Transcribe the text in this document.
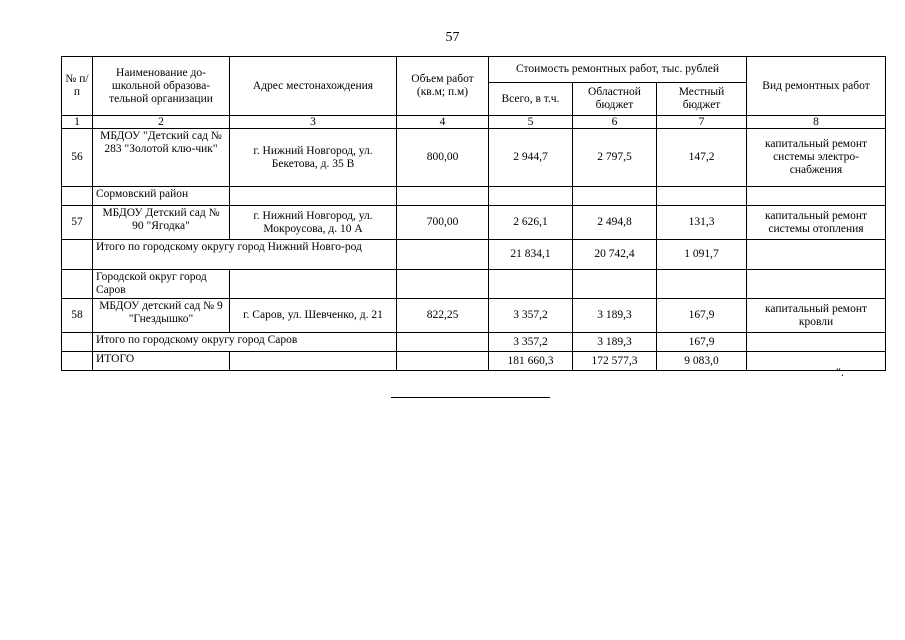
57
№ п/п	Наименование до-школьной образова-тельной организации	Адрес местонахождения	Объем работ (кв.м; п.м)	Стоимость ремонтных работ, тыс. рублей			Вид ремонтных работ
				Всего, в т.ч.	Областной бюджет	Местный бюджет	
1	2	3	4	5	6	7	8
56	МБДОУ "Детский сад № 283 "Золотой клю-чик"	г. Нижний Новгород, ул. Бекетова, д. 35 В	800,00	2 944,7	2 797,5	147,2	капитальный ремонт системы электро-снабжения
	Сормовский район						
57	МБДОУ Детский сад № 90 "Ягодка"	г. Нижний Новгород, ул. Мокроусова, д. 10 А	700,00	2 626,1	2 494,8	131,3	капитальный ремонт системы отопления
	Итого по городскому округу город Нижний Новго-род			21 834,1	20 742,4	1 091,7	
	Городской округ город Саров						
58	МБДОУ детский сад № 9 "Гнездышко"	г. Саров, ул. Шевченко, д. 21	822,25	3 357,2	3 189,3	167,9	капитальный ремонт кровли
	Итого по городскому округу город Саров			3 357,2	3 189,3	167,9	
	ИТОГО			181 660,3	172 577,3	9 083,0	
".
